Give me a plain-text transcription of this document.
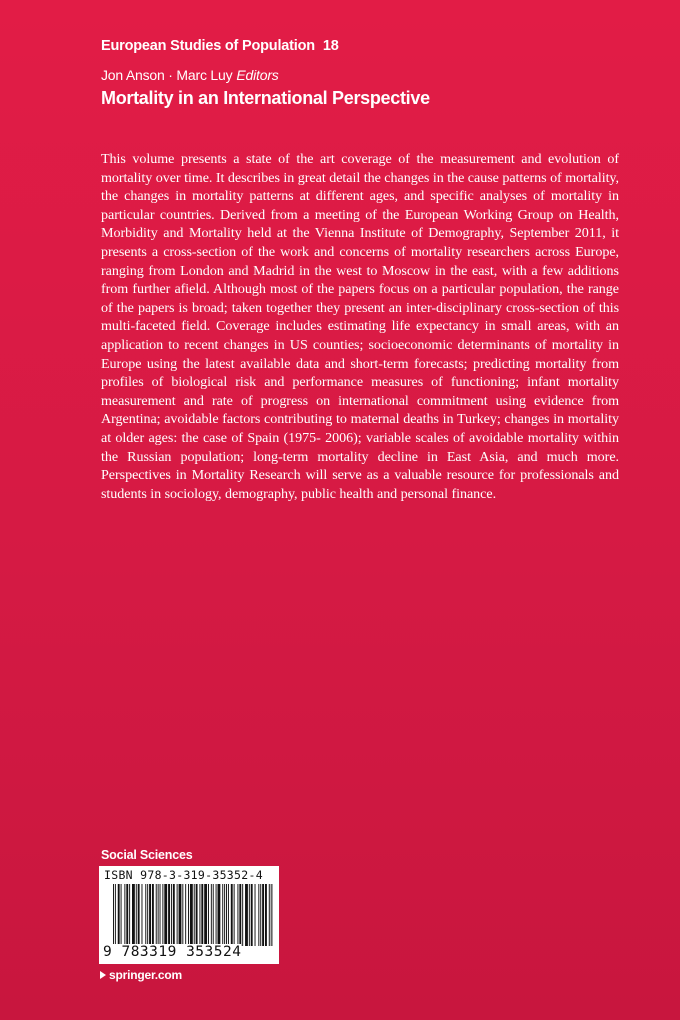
European Studies of Population 18
Jon Anson · Marc Luy Editors
Mortality in an International Perspective

This volume presents a state of the art coverage of the measurement and evolution of mortality over time. It describes in great detail the changes in the cause patterns of mortality, the changes in mortality patterns at different ages, and specific analyses of mortality in particular countries. Derived from a meeting of the European Working Group on Health, Morbidity and Mortality held at the Vienna Institute of Demography, September 2011, it presents a cross-section of the work and concerns of mortality researchers across Europe, ranging from London and Madrid in the west to Moscow in the east, with a few additions from further afield. Although most of the papers focus on a particular population, the range of the papers is broad; taken together they present an inter-disciplinary cross-section of this multi-faceted field. Coverage includes estimating life expectancy in small areas, with an application to recent changes in US counties; socioeconomic determinants of mortality in Europe using the latest available data and short-term forecasts; predicting mortality from profiles of biological risk and performance measures of functioning; infant mortality measurement and rate of progress on international commitment using evidence from Argentina; avoidable factors contributing to maternal deaths in Turkey; changes in mortality at older ages: the case of Spain (1975- 2006); variable scales of avoidable mortality within the Russian population; long-term mortality decline in East Asia, and much more. Perspectives in Mortality Research will serve as a valuable resource for professionals and students in sociology, demography, public health and personal finance.

Social Sciences
ISBN 978-3-319-35352-4
9 783319 353524
springer.com
